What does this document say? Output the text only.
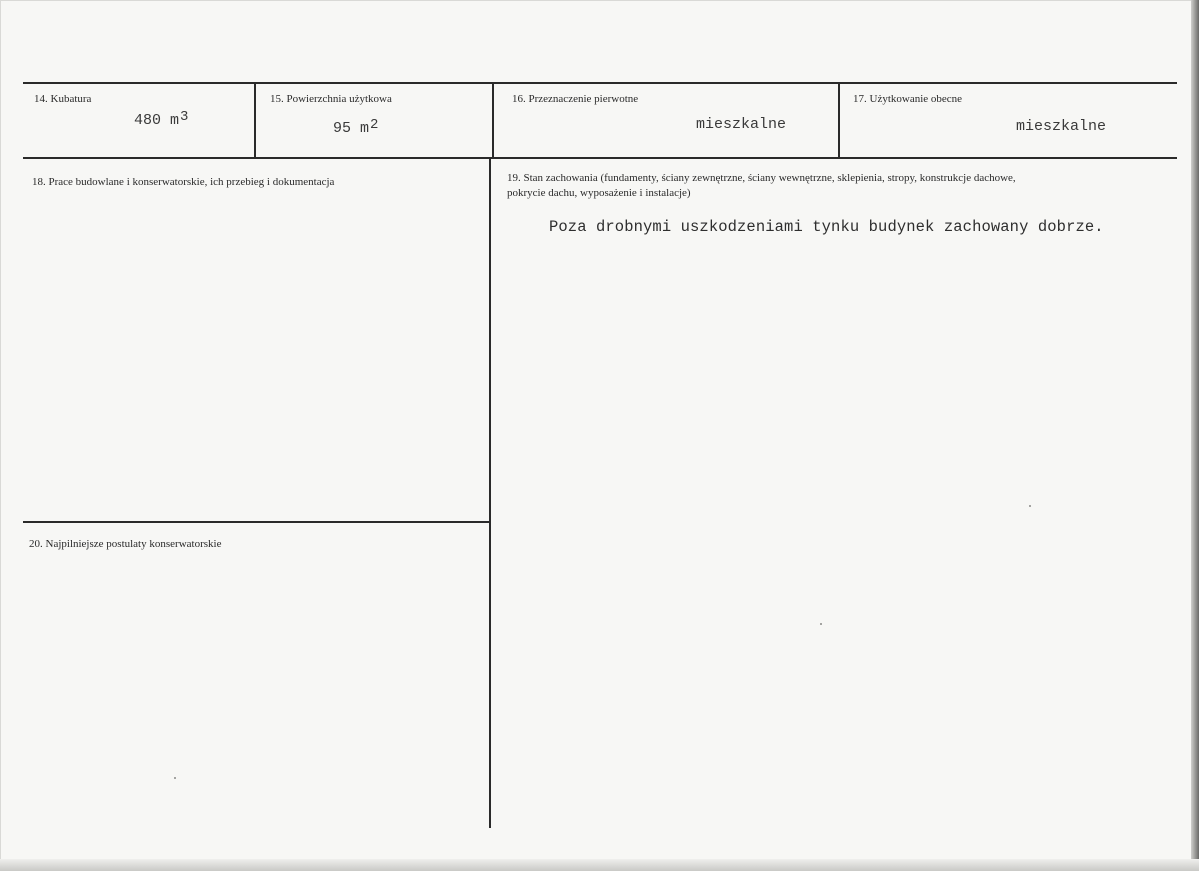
14. Kubatura
480 $m^3$
15. Powierzchnia użytkowa
95 $m^2$
16. Przeznaczenie pierwotne
mieszkalne
17. Użytkowanie obecne
mieszkalne
18. Prace budowlane i konserwatorskie, ich przebieg i dokumentacja	19. Stan zachowania (fundamenty, ściany zewnętrzne, ściany wewnętrzne, sklepienia, stropy, konstrukcje dachowe, pokrycie dachu, wyposażenie i instalacje)
Poza drobnymi uszkodzeniami tynku budynek zachowany dobrze.
20. Najpilniejsze postulaty konserwatorskie
